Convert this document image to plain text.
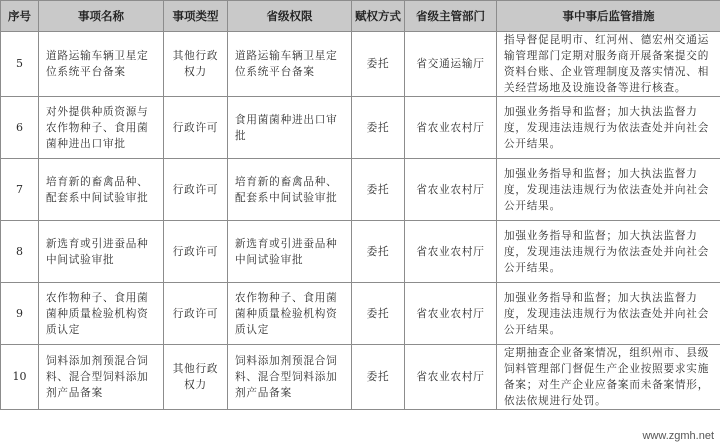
序号	事项名称	事项类型	省级权限	赋权方式	省级主管部门	事中事后监管措施
5	道路运输车辆卫星定位系统平台备案	其他行政权力	道路运输车辆卫星定位系统平台备案	委托	省交通运输厅	指导督促昆明市、红河州、德宏州交通运输管理部门定期对服务商开展备案提交的资料台账、企业管理制度及落实情况、相关经营场地及设施设备等进行核查。
6	对外提供种质资源与农作物种子、食用菌菌种进出口审批	行政许可	食用菌菌种进出口审批	委托	省农业农村厅	加强业务指导和监督；加大执法监督力度，发现违法违规行为依法查处并向社会公开结果。
7	培育新的畜禽品种、配套系中间试验审批	行政许可	培育新的畜禽品种、配套系中间试验审批	委托	省农业农村厅	加强业务指导和监督；加大执法监督力度，发现违法违规行为依法查处并向社会公开结果。
8	新选育或引进蚕品种中间试验审批	行政许可	新选育或引进蚕品种中间试验审批	委托	省农业农村厅	加强业务指导和监督；加大执法监督力度，发现违法违规行为依法查处并向社会公开结果。
9	农作物种子、食用菌菌种质量检验机构资质认定	行政许可	农作物种子、食用菌菌种质量检验机构资质认定	委托	省农业农村厅	加强业务指导和监督；加大执法监督力度，发现违法违规行为依法查处并向社会公开结果。
10	饲料添加剂预混合饲料、混合型饲料添加剂产品备案	其他行政权力	饲料添加剂预混合饲料、混合型饲料添加剂产品备案	委托	省农业农村厅	定期抽查企业备案情况，组织州市、县级饲料管理部门督促生产企业按照要求实施备案；对生产企业应备案而未备案情形，依法依规进行处罚。
www.zgmh.net
